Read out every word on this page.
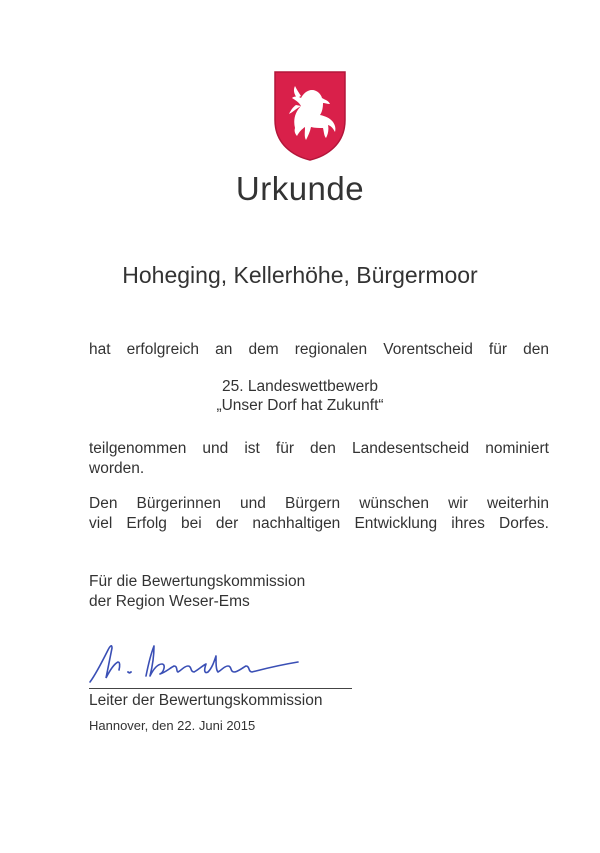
Urkunde
Hoheging, Kellerhöhe, Bürgermoor
hat erfolgreich an dem regionalen Vorentscheid für den
25. Landeswettbewerb
„Unser Dorf hat Zukunft“
teilgenommen und ist für den Landesentscheid nominiert
worden.
Den Bürgerinnen und Bürgern wünschen wir weiterhin
viel Erfolg bei der nachhaltigen Entwicklung ihres Dorfes.
Für die Bewertungskommission
der Region Weser-Ems
Leiter der Bewertungskommission
Hannover, den 22. Juni 2015
